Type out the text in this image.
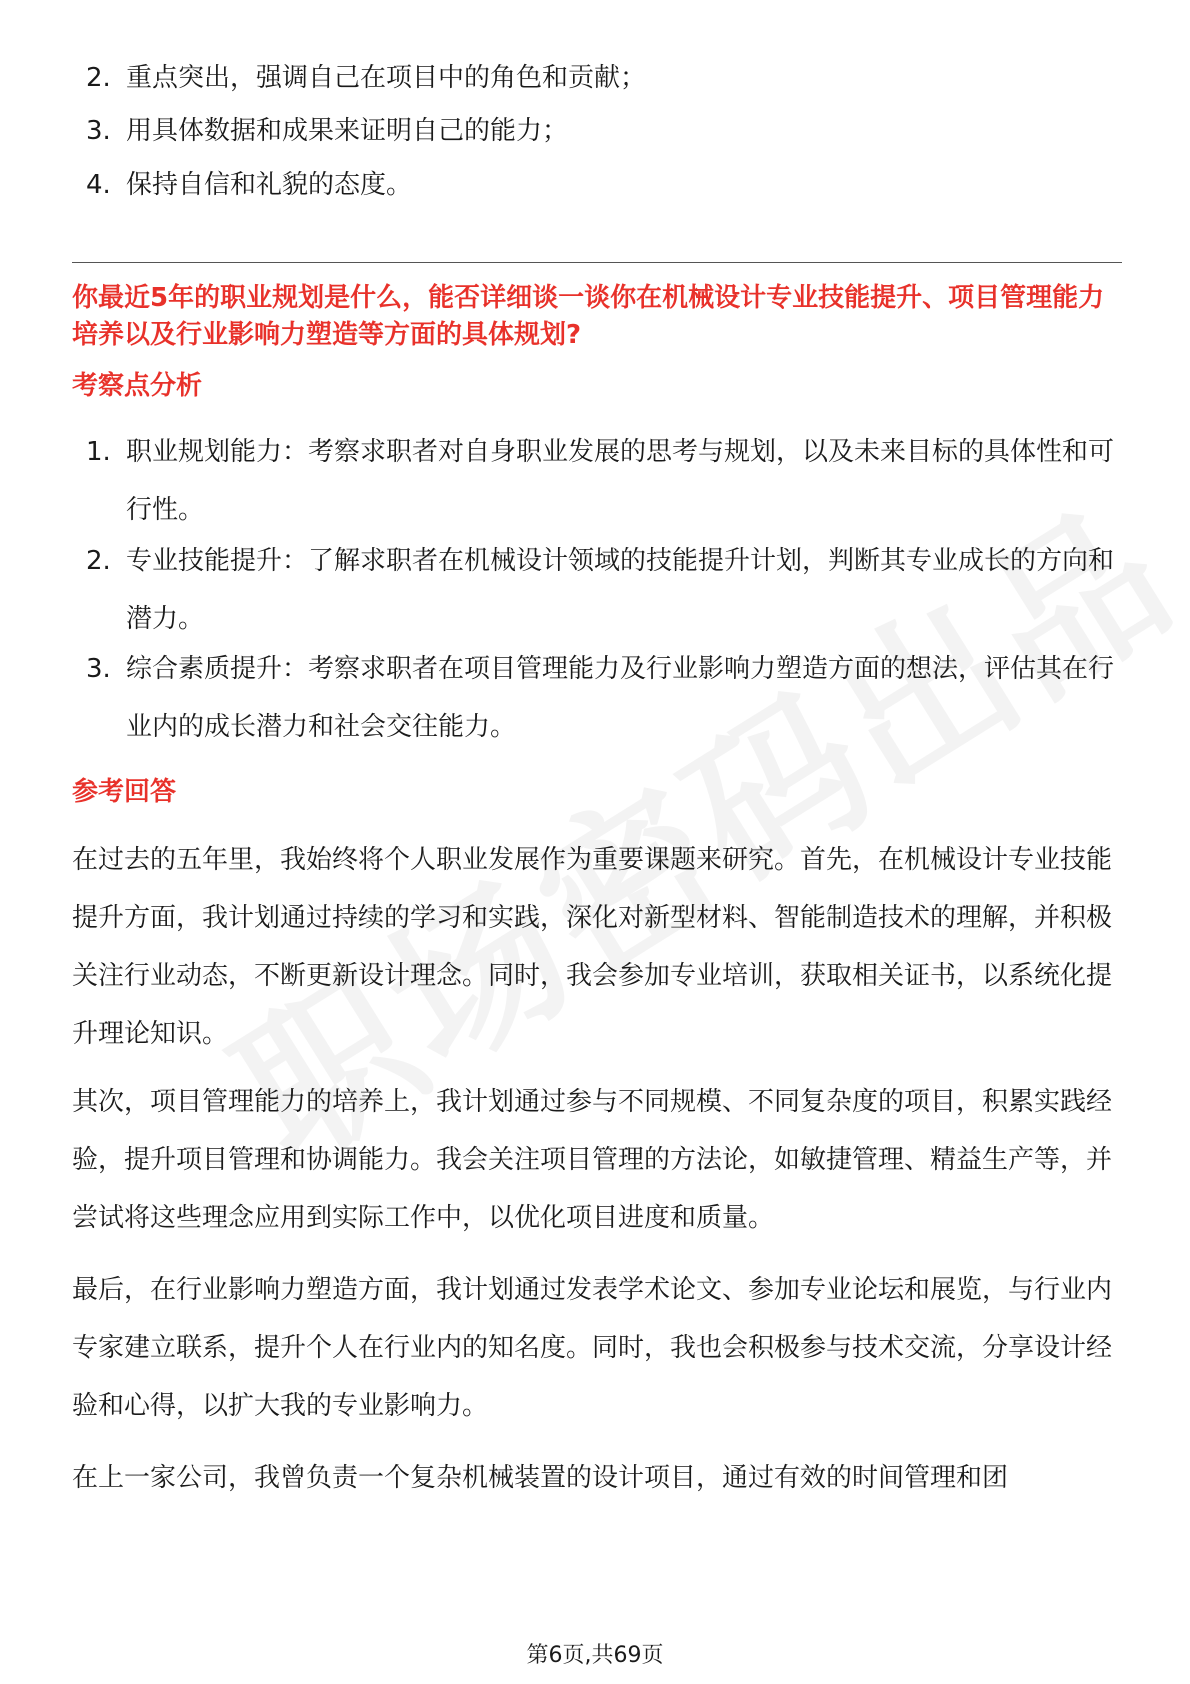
2. 重点突出，强调自己在项目中的角色和贡献；
3. 用具体数据和成果来证明自己的能力；
4. 保持自信和礼貌的态度。
你最近5年的职业规划是什么，能否详细谈一谈你在机械设计专业技能提升、项目管理能力培养以及行业影响力塑造等方面的具体规划?
考察点分析
1. 职业规划能力：考察求职者对自身职业发展的思考与规划，以及未来目标的具体性和可行性。
2. 专业技能提升：了解求职者在机械设计领域的技能提升计划，判断其专业成长的方向和潜力。
3. 综合素质提升：考察求职者在项目管理能力及行业影响力塑造方面的想法，评估其在行业内的成长潜力和社会交往能力。
参考回答
在过去的五年里，我始终将个人职业发展作为重要课题来研究。首先，在机械设计专业技能提升方面，我计划通过持续的学习和实践，深化对新型材料、智能制造技术的理解，并积极关注行业动态，不断更新设计理念。同时，我会参加专业培训，获取相关证书，以系统化提升理论知识。
其次，项目管理能力的培养上，我计划通过参与不同规模、不同复杂度的项目，积累实践经验，提升项目管理和协调能力。我会关注项目管理的方法论，如敏捷管理、精益生产等，并尝试将这些理念应用到实际工作中，以优化项目进度和质量。
最后，在行业影响力塑造方面，我计划通过发表学术论文、参加专业论坛和展览，与行业内专家建立联系，提升个人在行业内的知名度。同时，我也会积极参与技术交流，分享设计经验和心得，以扩大我的专业影响力。
在上一家公司，我曾负责一个复杂机械装置的设计项目，通过有效的时间管理和团
第6页,共69页
